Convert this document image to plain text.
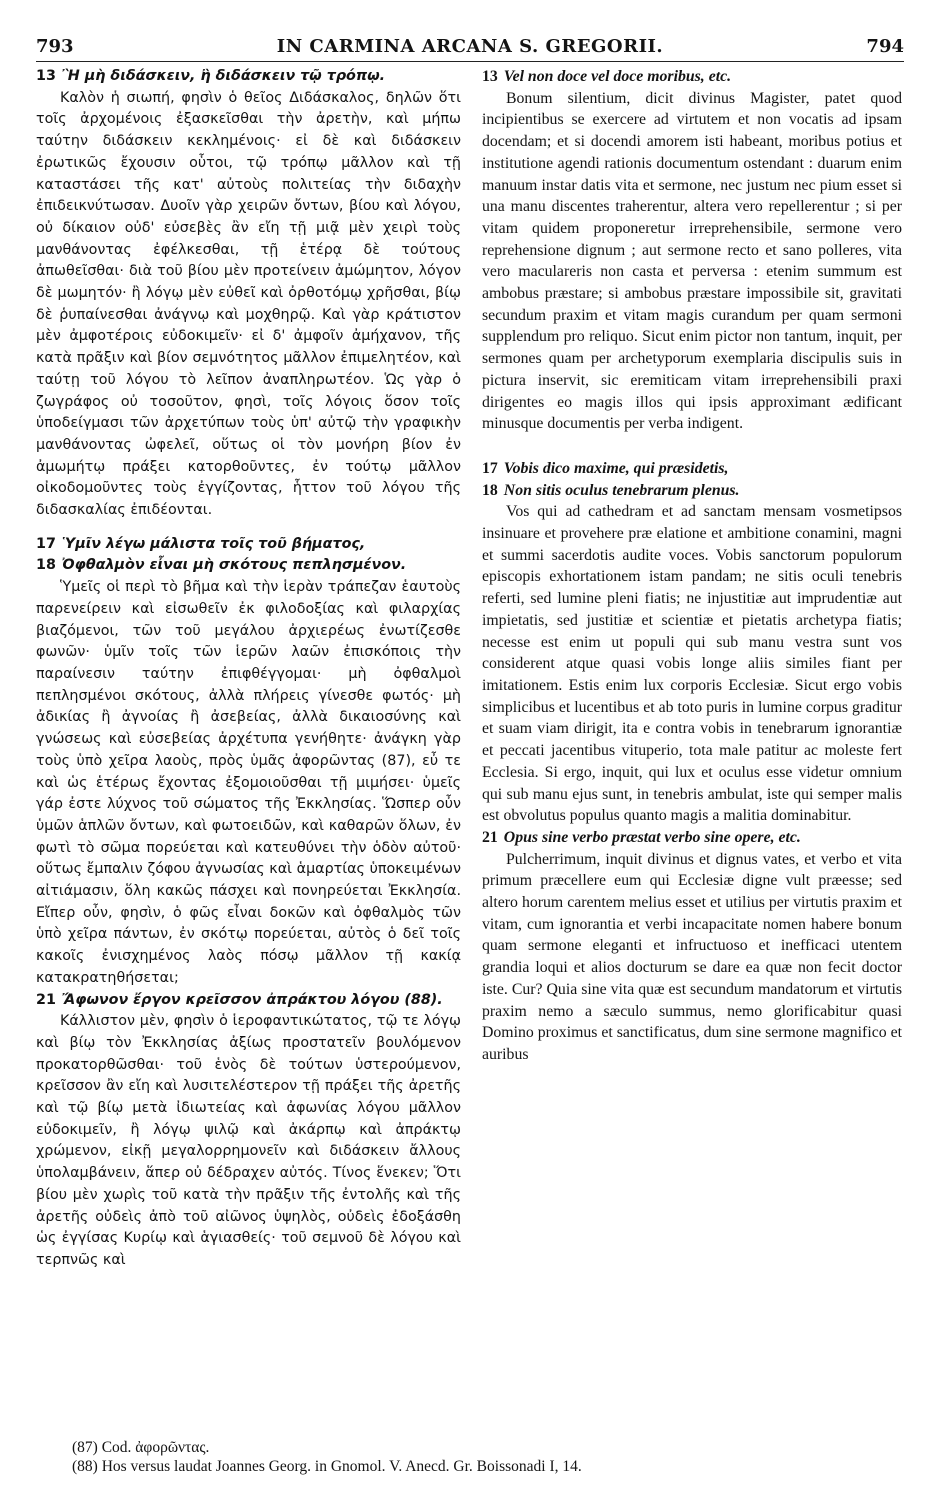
793	IN CARMINA ARCANA S. GREGORII.	794

13 Ἢ μὴ διδάσκειν, ἢ διδάσκειν τῷ τρόπῳ.

Καλὸν ἡ σιωπή, φησὶν ὁ θεῖος Διδάσκαλος, δηλῶν ὅτι τοῖς ἀρχομένοις ἐξασκεῖσθαι τὴν ἀρετὴν, καὶ μήπω ταύτην διδάσκειν κεκλημένοις· εἰ δὲ καὶ διδάσκειν ἐρωτικῶς ἔχουσιν οὗτοι, τῷ τρόπῳ μᾶλλον καὶ τῇ καταστάσει τῆς κατ' αὐτοὺς πολιτείας τὴν διδαχὴν ἐπιδεικνύτωσαν. Δυοῖν γὰρ χειρῶν ὄντων, βίου καὶ λόγου, οὐ δίκαιον οὐδ' εὐσεβὲς ἂν εἴη τῇ μιᾷ μὲν χειρὶ τοὺς μανθάνοντας ἐφέλκεσθαι, τῇ ἑτέρᾳ δὲ τούτους ἀπωθεῖσθαι· διὰ τοῦ βίου μὲν προτείνειν ἀμώμητον, λόγον δὲ μωμητόν· ἢ λόγῳ μὲν εὐθεῖ καὶ ὀρθοτόμῳ χρῆσθαι, βίῳ δὲ ῥυπαίνεσθαι ἀνάγνῳ καὶ μοχθηρῷ. Καὶ γὰρ κράτιστον μὲν ἀμφοτέροις εὐδοκιμεῖν· εἰ δ' ἀμφοῖν ἀμήχανον, τῆς κατὰ πρᾶξιν καὶ βίον σεμνότητος μᾶλλον ἐπιμελητέον, καὶ ταύτῃ τοῦ λόγου τὸ λεῖπον ἀναπληρωτέον. Ὡς γὰρ ὁ ζωγράφος οὐ τοσοῦτον, φησὶ, τοῖς λόγοις ὅσον τοῖς ὑποδείγμασι τῶν ἀρχετύπων τοὺς ὑπ' αὐτῷ τὴν γραφικὴν μανθάνοντας ὠφελεῖ, οὕτως οἱ τὸν μονήρη βίον ἐν ἀμωμήτῳ πράξει κατορθοῦντες, ἐν τούτῳ μᾶλλον οἰκοδομοῦντες τοὺς ἐγγίζοντας, ἧττον τοῦ λόγου τῆς διδασκαλίας ἐπιδέονται.

17 Ὑμῖν λέγω μάλιστα τοῖς τοῦ βήματος,

18 Ὀφθαλμὸν εἶναι μὴ σκότους πεπλησμένον.

Ὑμεῖς οἱ περὶ τὸ βῆμα καὶ τὴν ἱερὰν τράπεζαν ἑαυτοὺς παρενείρειν καὶ εἰσωθεῖν ἐκ φιλοδοξίας καὶ φιλαρχίας βιαζόμενοι, τῶν τοῦ μεγάλου ἀρχιερέως ἐνωτίζεσθε φωνῶν· ὑμῖν τοῖς τῶν ἱερῶν λαῶν ἐπισκόποις τὴν παραίνεσιν ταύτην ἐπιφθέγγομαι· μὴ ὀφθαλμοὶ πεπλησμένοι σκότους, ἀλλὰ πλήρεις γίνεσθε φωτός· μὴ ἀδικίας ἢ ἀγνοίας ἢ ἀσεβείας, ἀλλὰ δικαιοσύνης καὶ γνώσεως καὶ εὐσεβείας ἀρχέτυπα γενήθητε· ἀνάγκη γὰρ τοὺς ὑπὸ χεῖρα λαοὺς, πρὸς ὑμᾶς ἀφορῶντας (87), εὖ τε καὶ ὡς ἑτέρως ἔχοντας ἐξομοιοῦσθαι τῇ μιμήσει· ὑμεῖς γάρ ἐστε λύχνος τοῦ σώματος τῆς Ἐκκλησίας. Ὥσπερ οὖν ὑμῶν ἁπλῶν ὄντων, καὶ φωτοειδῶν, καὶ καθαρῶν ὅλων, ἐν φωτὶ τὸ σῶμα πορεύεται καὶ κατευθύνει τὴν ὁδὸν αὐτοῦ· οὕτως ἔμπαλιν ζόφου ἀγνωσίας καὶ ἁμαρτίας ὑποκειμένων αἰτιάμασιν, ὅλη κακῶς πάσχει καὶ πονηρεύεται Ἐκκλησία. Εἴπερ οὖν, φησὶν, ὁ φῶς εἶναι δοκῶν καὶ ὀφθαλμὸς τῶν ὑπὸ χεῖρα πάντων, ἐν σκότῳ πορεύεται, αὐτὸς ὁ δεῖ τοῖς κακοῖς ἐνισχημένος λαὸς πόσῳ μᾶλλον τῇ κακίᾳ κατακρατηθήσεται;

21 Ἄφωνον ἔργον κρεῖσσον ἀπράκτου λόγου (88).

Κάλλιστον μὲν, φησὶν ὁ ἱεροφαντικώτατος, τῷ τε λόγῳ καὶ βίῳ τὸν Ἐκκλησίας ἀξίως προστατεῖν βουλόμενον προκατορθῶσθαι· τοῦ ἑνὸς δὲ τούτων ὑστερούμενον, κρεῖσσον ἂν εἴη καὶ λυσιτελέστερον τῇ πράξει τῆς ἀρετῆς καὶ τῷ βίῳ μετὰ ἰδιωτείας καὶ ἀφωνίας λόγου μᾶλλον εὐδοκιμεῖν, ἢ λόγῳ ψιλῷ καὶ ἀκάρπῳ καὶ ἀπράκτῳ χρώμενον, εἰκῇ μεγαλορρημονεῖν καὶ διδάσκειν ἄλλους ὑπολαμβάνειν, ἅπερ οὐ δέδραχεν αὐτός. Τίνος ἕνεκεν; Ὅτι βίου μὲν χωρὶς τοῦ κατὰ τὴν πρᾶξιν τῆς ἐντολῆς καὶ τῆς ἀρετῆς οὐδεὶς ἀπὸ τοῦ αἰῶνος ὑψηλὸς, οὐδεὶς ἐδοξάσθη ὡς ἐγγίσας Κυρίῳ καὶ ἁγιασθείς· τοῦ σεμνοῦ δὲ λόγου καὶ τερπνῶς καὶ

13 Vel non doce vel doce moribus, etc.

Bonum silentium, dicit divinus Magister, patet quod incipientibus se exercere ad virtutem et non vocatis ad ipsam docendam; et si docendi amorem isti habeant, moribus potius et institutione agendi rationis documentum ostendant : duarum enim manuum instar datis vita et sermone, nec justum nec pium esset si una manu discentes traherentur, altera vero repellerentur ; si per vitam quidem proponeretur irreprehensibile, sermone vero reprehensione dignum ; aut sermone recto et sano polleres, vita vero maculareris non casta et perversa : etenim summum est ambobus præstare; si ambobus præstare impossibile sit, gravitati secundum praxim et vitam magis curandum per quam sermoni supplendum pro reliquo. Sicut enim pictor non tantum, inquit, per sermones quam per archetyporum exemplaria discipulis suis in pictura inservit, sic eremiticam vitam irreprehensibili praxi dirigentes eo magis illos qui ipsis approximant ædificant minusque documentis per verba indigent.

17 Vobis dico maxime, qui præsidetis,

18 Non sitis oculus tenebrarum plenus.

Vos qui ad cathedram et ad sanctam mensam vosmetipsos insinuare et provehere præ elatione et ambitione conamini, magni et summi sacerdotis audite voces. Vobis sanctorum populorum episcopis exhortationem istam pandam; ne sitis oculi tenebris referti, sed lumine pleni fiatis; ne injustitiæ aut imprudentiæ aut impietatis, sed justitiæ et scientiæ et pietatis archetypa fiatis; necesse est enim ut populi qui sub manu vestra sunt vos considerent atque quasi vobis longe aliis similes fiant per imitationem. Estis enim lux corporis Ecclesiæ. Sicut ergo vobis simplicibus et lucentibus et ab toto puris in lumine corpus graditur et suam viam dirigit, ita e contra vobis in tenebrarum ignorantiæ et peccati jacentibus vituperio, tota male patitur ac moleste fert Ecclesia. Si ergo, inquit, qui lux et oculus esse videtur omnium qui sub manu ejus sunt, in tenebris ambulat, iste qui semper malis est obvolutus populus quanto magis a malitia dominabitur.

21 Opus sine verbo præstat verbo sine opere, etc.

Pulcherrimum, inquit divinus et dignus vates, et verbo et vita primum præcellere eum qui Ecclesiæ digne vult præesse; sed altero horum carentem melius esset et utilius per virtutis praxim et vitam, cum ignorantia et verbi incapacitate nomen habere bonum quam sermone eleganti et infructuoso et inefficaci utentem grandia loqui et alios docturum se dare ea quæ non fecit doctor iste. Cur? Quia sine vita quæ est secundum mandatorum et virtutis praxim nemo a sæculo summus, nemo glorificabitur quasi Domino proximus et sanctificatus, dum sine sermone magnifico et auribus

(87) Cod. ἀφορῶντας.

(88) Hos versus laudat Joannes Georg. in Gnomol. V. Anecd. Gr. Boissonadi I, 14.
